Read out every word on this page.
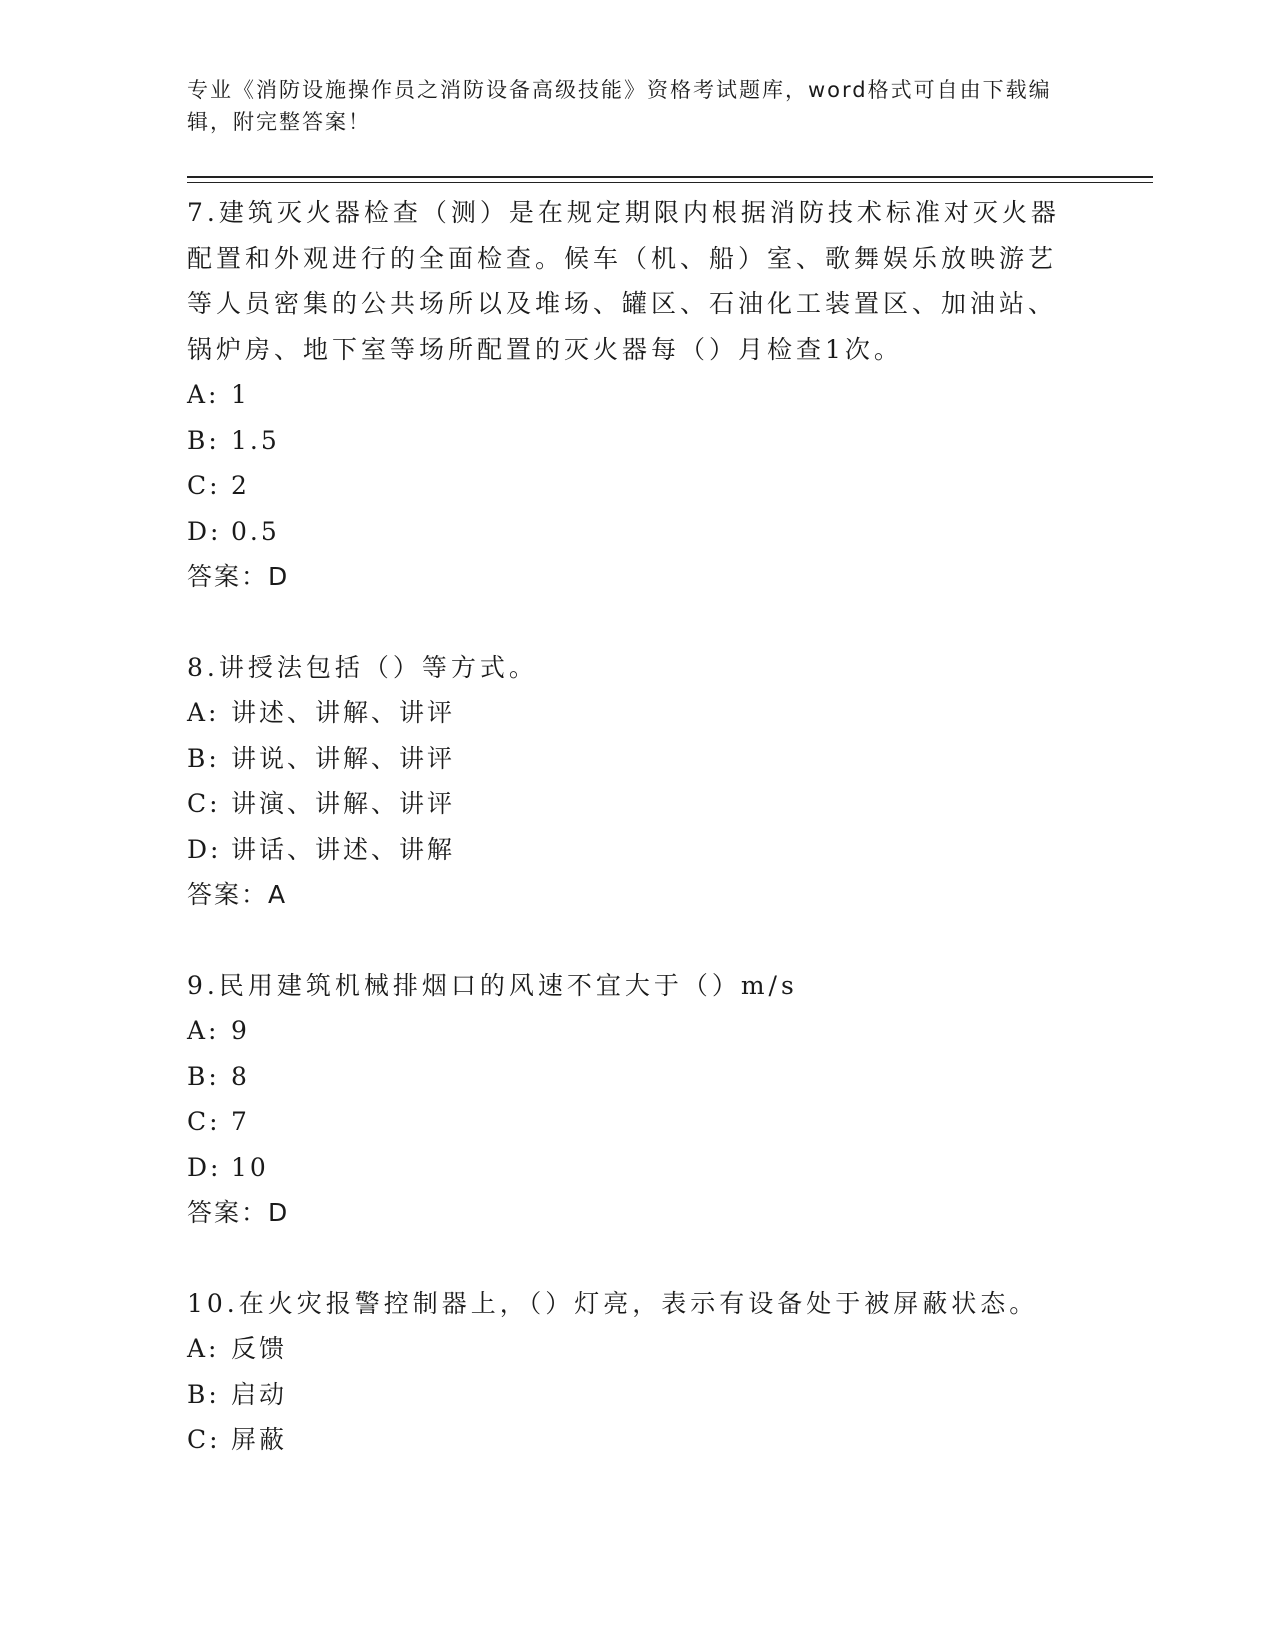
专业《消防设施操作员之消防设备高级技能》资格考试题库，word格式可自由下载编辑，附完整答案！

7.建筑灭火器检查（测）是在规定期限内根据消防技术标准对灭火器配置和外观进行的全面检查。候车（机、船）室、歌舞娱乐放映游艺等人员密集的公共场所以及堆场、罐区、石油化工装置区、加油站、锅炉房、地下室等场所配置的灭火器每（）月检查1次。

A: 1

B: 1.5

C: 2

D: 0.5

答案：D

8.讲授法包括（）等方式。

A: 讲述、讲解、讲评

B: 讲说、讲解、讲评

C: 讲演、讲解、讲评

D: 讲话、讲述、讲解

答案：A

9.民用建筑机械排烟口的风速不宜大于（）m/s

A: 9

B: 8

C: 7

D: 10

答案：D

10.在火灾报警控制器上，（）灯亮，表示有设备处于被屏蔽状态。

A: 反馈

B: 启动

C: 屏蔽
